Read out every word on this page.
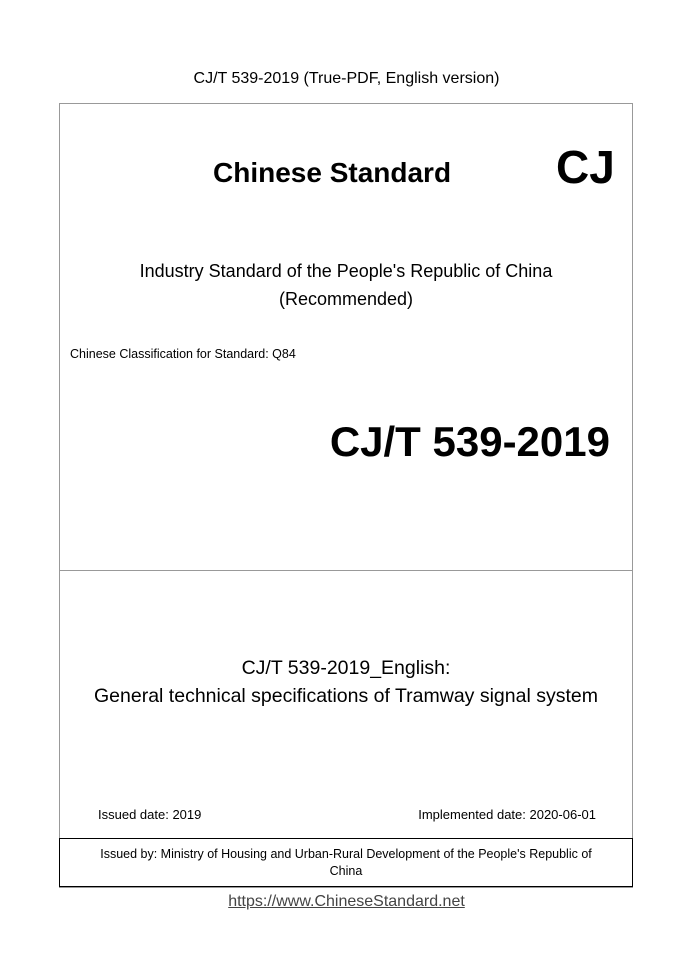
CJ/T 539-2019 (True-PDF, English version)
Chinese Standard CJ
Industry Standard of the People's Republic of China
(Recommended)
Chinese Classification for Standard: Q84
CJ/T 539-2019
CJ/T 539-2019_English:
General technical specifications of Tramway signal system
Issued date: 2019	Implemented date: 2020-06-01
Issued by: Ministry of Housing and Urban-Rural Development of the People's Republic of
China
https://www.ChineseStandard.net
